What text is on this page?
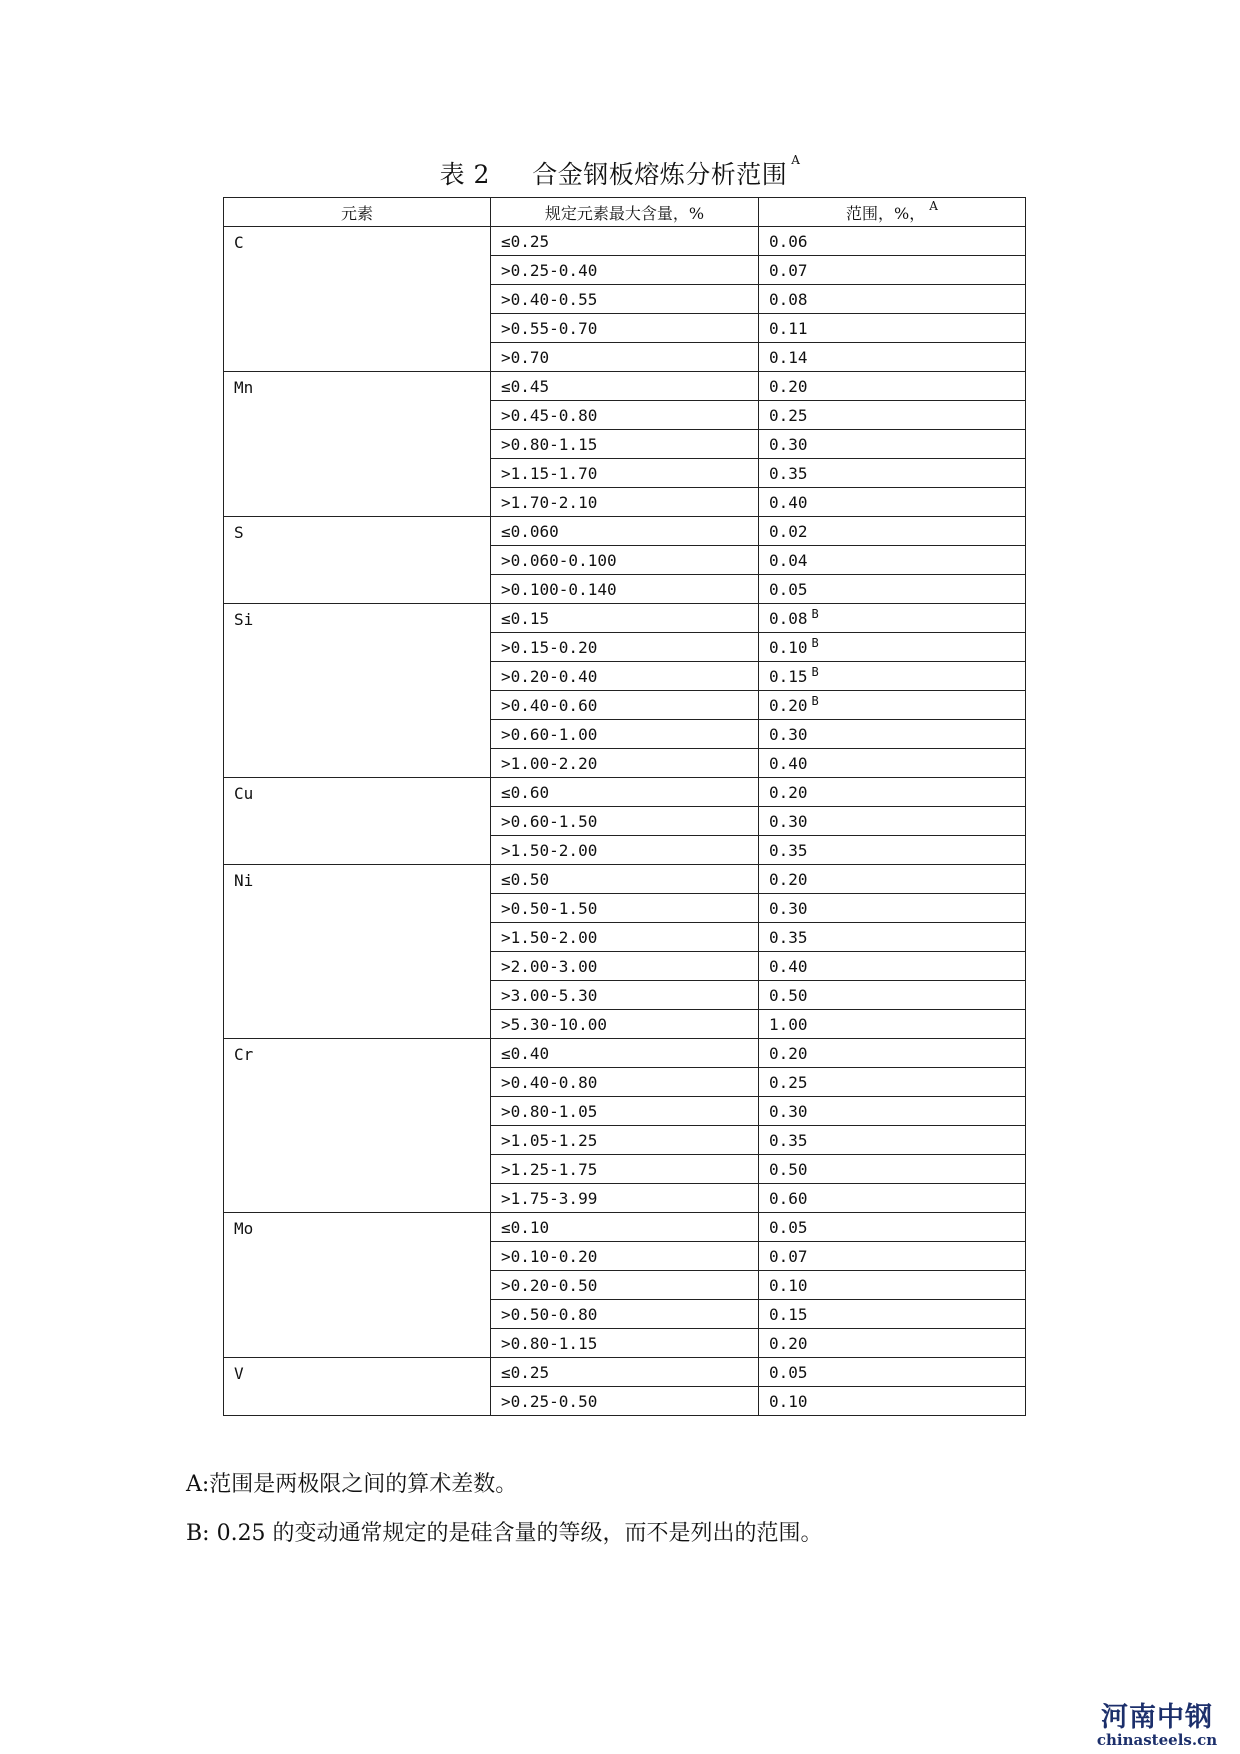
表 2     合金钢板熔炼分析范围 $^A$
元素	规定元素最大含量，%	范围，%， $^A$
C	≤0.25	0.06
	>0.25-0.40	0.07
	>0.40-0.55	0.08
	>0.55-0.70	0.11
	>0.70	0.14
Mn	≤0.45	0.20
	>0.45-0.80	0.25
	>0.80-1.15	0.30
	>1.15-1.70	0.35
	>1.70-2.10	0.40
S	≤0.060	0.02
	>0.060-0.100	0.04
	>0.100-0.140	0.05
Si	≤0.15	0.08 $^B$
	>0.15-0.20	0.10 $^B$
	>0.20-0.40	0.15 $^B$
	>0.40-0.60	0.20 $^B$
	>0.60-1.00	0.30
	>1.00-2.20	0.40
Cu	≤0.60	0.20
	>0.60-1.50	0.30
	>1.50-2.00	0.35
Ni	≤0.50	0.20
	>0.50-1.50	0.30
	>1.50-2.00	0.35
	>2.00-3.00	0.40
	>3.00-5.30	0.50
	>5.30-10.00	1.00
Cr	≤0.40	0.20
	>0.40-0.80	0.25
	>0.80-1.05	0.30
	>1.05-1.25	0.35
	>1.25-1.75	0.50
	>1.75-3.99	0.60
Mo	≤0.10	0.05
	>0.10-0.20	0.07
	>0.20-0.50	0.10
	>0.50-0.80	0.15
	>0.80-1.15	0.20
V	≤0.25	0.05
	>0.25-0.50	0.10
A:范围是两极限之间的算术差数。
B: 0.25 的变动通常规定的是硅含量的等级，而不是列出的范围。
河南中钢
chinasteels.cn
